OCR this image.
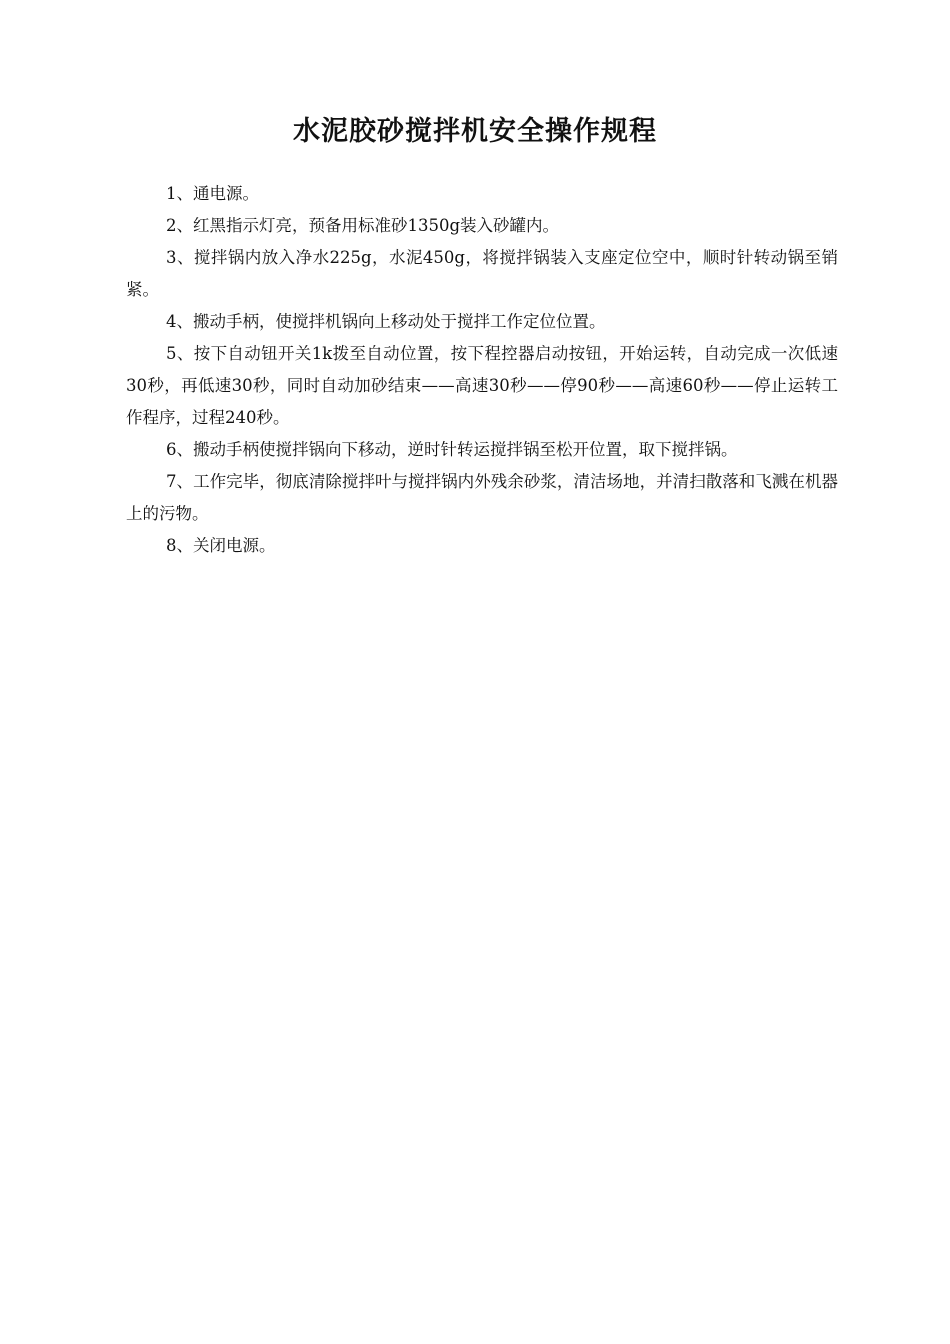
水泥胶砂搅拌机安全操作规程

1、通电源。

2、红黑指示灯亮，预备用标准砂1350g装入砂罐内。

3、搅拌锅内放入净水225g，水泥450g，将搅拌锅装入支座定位空中，顺时针转动锅至销紧。

4、搬动手柄，使搅拌机锅向上移动处于搅拌工作定位位置。

5、按下自动钮开关1k拨至自动位置，按下程控器启动按钮，开始运转，自动完成一次低速30秒，再低速30秒，同时自动加砂结束——高速30秒——停90秒——高速60秒——停止运转工作程序，过程240秒。

6、搬动手柄使搅拌锅向下移动，逆时针转运搅拌锅至松开位置，取下搅拌锅。

7、工作完毕，彻底清除搅拌叶与搅拌锅内外残余砂浆，清洁场地，并清扫散落和飞溅在机器上的污物。

8、关闭电源。
